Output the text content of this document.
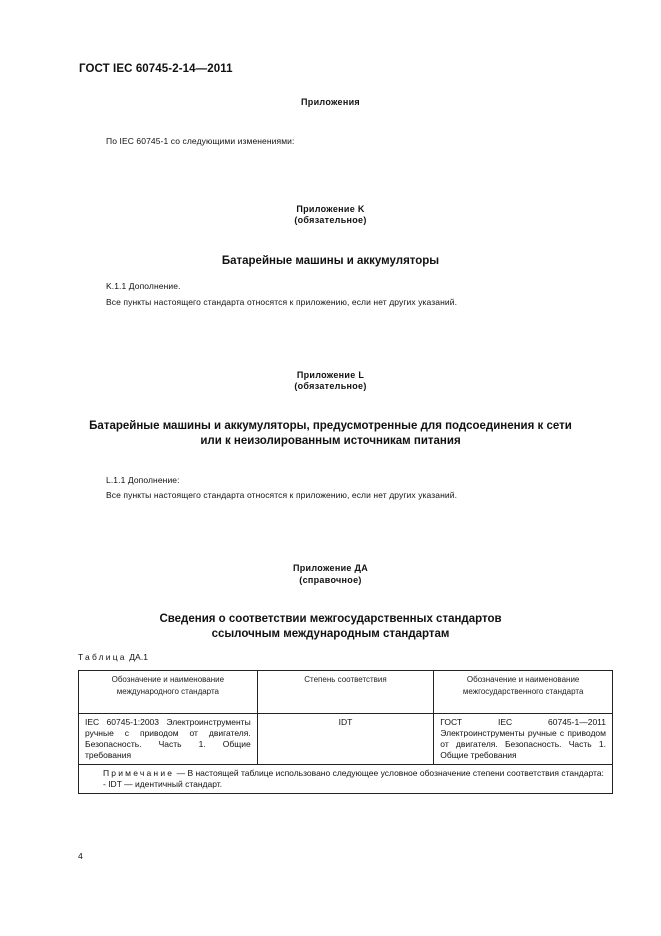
ГОСТ IEC 60745-2-14—2011
Приложения
По IEC 60745-1 со следующими изменениями:
Приложение K
(обязательное)
Батарейные машины и аккумуляторы
K.1.1 Дополнение.
Все пункты настоящего стандарта относятся к приложению, если нет других указаний.
Приложение L
(обязательное)
Батарейные машины и аккумуляторы, предусмотренные для подсоединения к сети
или к неизолированным источникам питания
L.1.1 Дополнение:
Все пункты настоящего стандарта относятся к приложению, если нет других указаний.
Приложение ДА
(справочное)
Сведения о соответствии межгосударственных стандартов
ссылочным международным стандартам
Таблица ДА.1
Обозначение и наименование международного стандарта	Степень соответствия	Обозначение и наименование межгосударственного стандарта
IEC 60745-1:2003 Электроинструменты ручные с приводом от двигателя. Безопасность. Часть 1. Общие требования	IDT	ГОСТ IEC 60745-1—2011 Электроинструменты ручные с приводом от двигателя. Безопасность. Часть 1. Общие требования

Примечание — В настоящей таблице использовано следующее условное обозначение степени соответствия стандарта:
- IDT — идентичный стандарт.		
4
